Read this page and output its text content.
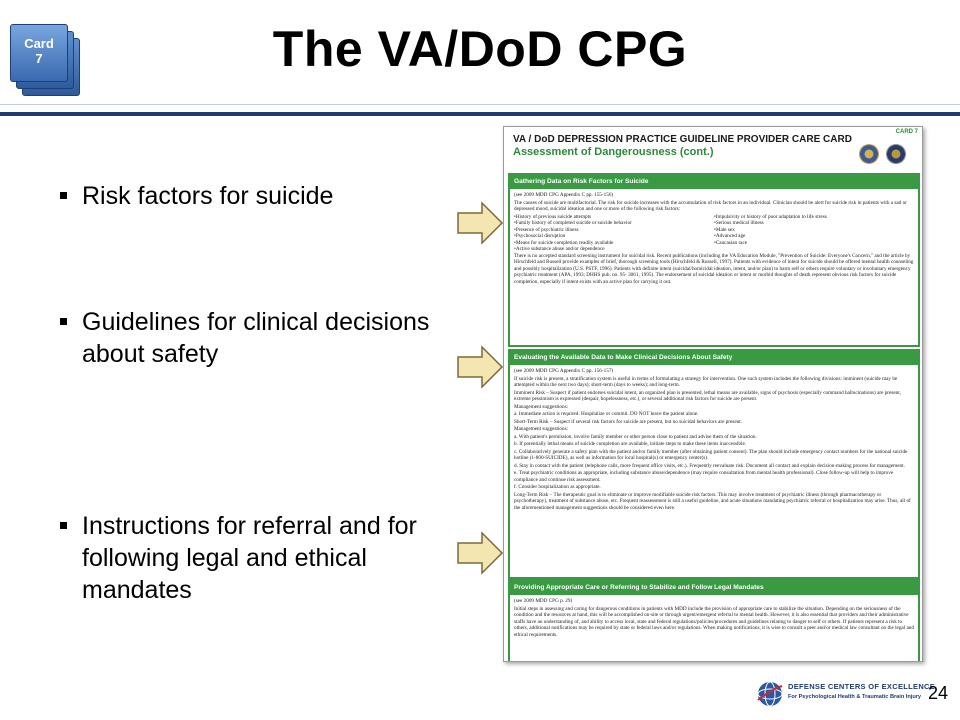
Card
7	The VA/DoD CPG
Risk factors for suicide
Guidelines for clinical decisions about safety
Instructions for referral and for following legal and ethical mandates
VA / DoD DEPRESSION PRACTICE GUIDELINE PROVIDER CARE CARD
Assessment of Dangerousness (cont.)
CARD 7
Gathering Data on Risk Factors for Suicide

(see 2009 MDD CPG Appendix C pp. 155-156)

The causes of suicide are multifactorial. The risk for suicide increases with the accumulation of risk factors in an individual. Clinician should be alert for suicide risk in patients with a sad or depressed mood, suicidal ideation and one or more of the following risk factors:

• History of previous suicide attempts
• Family history of completed suicide or suicide behavior
• Presence of psychiatric illness
• Psychosocial disruption
• Means for suicide completion readily available
• Active substance abuse and/or dependence
• Impulsivity or history of poor adaptation to life stress
• Serious medical illness
• Male sex
• Advanced age
• Caucasian race

There is no accepted standard screening instrument for suicidal risk. Recent publications (including the VA Education Module, "Prevention of Suicide: Everyone's Concern," and the article by Hirschfeld and Russell provide examples of brief, thorough screening tools (Hirschfeld & Russell, 1997). Patients with evidence of intent for suicide should be offered mental health counseling and possibly hospitalization (U.S. PSTF, 1996). Patients with definite intent (suicidal/homicidal ideation, intent, and/or plan) to harm self or others require voluntary or involuntary emergency psychiatric treatment (APA, 1993; DHHS pub. no. 95- 3061, 1995). The endorsement of suicidal ideation or intent or morbid thoughts of death represent obvious risk factors for suicide completion, especially if intent exists with an active plan for carrying it out.

Evaluating the Available Data to Make Clinical Decisions About Safety

(see 2009 MDD CPG Appendix C pp. 156-157)

If suicide risk is present, a stratification system is useful in terms of formulating a strategy for intervention. One such system includes the following divisions: imminent (suicide may be attempted within the next two days); short-term (days to weeks); and long-term.

Imminent Risk – Suspect if patient endorses suicidal intent, an organized plan is presented, lethal means are available, signs of psychosis (especially command hallucinations) are present, extreme pessimism is expressed (despair, hopelessness, etc.), or several additional risk factors for suicide are present.

Management suggestions:

a. Immediate action is required. Hospitalize or commit. DO NOT leave the patient alone.

Short-Term Risk – Suspect if several risk factors for suicide are present, but no suicidal behaviors are present.

Management suggestions:

a. With patient's permission, involve family member or other person close to patient and advise them of the situation.

b. If potentially lethal means of suicide completion are available, initiate steps to make these items inaccessible.

c. Collaboratively generate a safety plan with the patient and/or family member (after obtaining patient consent). The plan should include emergency contact numbers for the national suicide hotline (1-800-SUICIDE), as well as information for local hospital(s) or emergency center(s).

d. Stay in contact with the patient (telephone calls, more frequent office visits, etc.). Frequently reevaluate risk. Document all contact and explain decision-making process for management.

e. Treat psychiatric conditions as appropriate, including substance abuse/dependence (may require consultation from mental health professional). Close follow-up will help to improve compliance and continue risk assessment.

f. Consider hospitalization as appropriate.

Long-Term Risk – The therapeutic goal is to eliminate or improve modifiable suicide risk factors. This may involve treatment of psychiatric illness (through pharmacotherapy or psychotherapy), treatment of substance abuse, etc. Frequent reassessment is still a useful guideline, and acute situations mandating psychiatric referral or hospitalization may arise. Thus, all of the aforementioned management suggestions should be considered even here.

Providing Appropriate Care or Referring to Stabilize and Follow Legal Mandates

(see 2009 MDD CPG p. 29)

Initial steps in assessing and caring for dangerous conditions in patients with MDD include the provision of appropriate care to stabilize the situation. Depending on the seriousness of the condition and the resources at hand, this will be accomplished on-site or through urgent/emergent referral to mental health. However, it is also essential that providers and their administrative staffs have an understanding of, and ability to access local, state and federal regulations/policies/procedures and guidelines relating to danger to self or others. If patients represent a risk to others, additional notifications may be required by state or federal laws and/or regulations. When making notifications, it is wise to consult a peer and/or medical law consultant on the legal and ethical requirements.

DEFENSE CENTERS OF EXCELLENCE
For Psychological Health & Traumatic Brain Injury 24
